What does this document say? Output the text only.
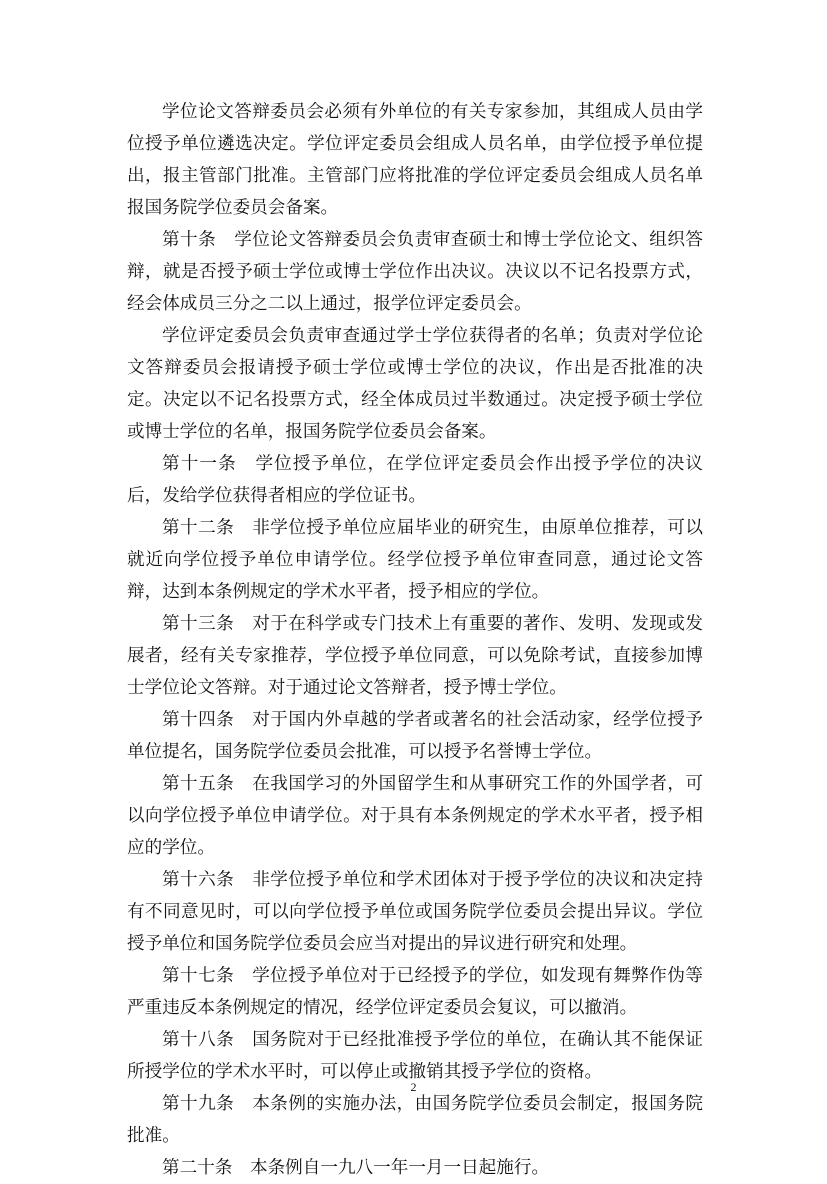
学位论文答辩委员会必须有外单位的有关专家参加，其组成人员由学位授予单位遴选决定。学位评定委员会组成人员名单，由学位授予单位提出，报主管部门批准。主管部门应将批准的学位评定委员会组成人员名单报国务院学位委员会备案。

第十条　学位论文答辩委员会负责审查硕士和博士学位论文、组织答辩，就是否授予硕士学位或博士学位作出决议。决议以不记名投票方式，经会体成员三分之二以上通过，报学位评定委员会。

学位评定委员会负责审查通过学士学位获得者的名单；负责对学位论文答辩委员会报请授予硕士学位或博士学位的决议，作出是否批准的决定。决定以不记名投票方式，经全体成员过半数通过。决定授予硕士学位或博士学位的名单，报国务院学位委员会备案。

第十一条　学位授予单位，在学位评定委员会作出授予学位的决议后，发给学位获得者相应的学位证书。

第十二条　非学位授予单位应届毕业的研究生，由原单位推荐，可以就近向学位授予单位申请学位。经学位授予单位审查同意，通过论文答辩，达到本条例规定的学术水平者，授予相应的学位。

第十三条　对于在科学或专门技术上有重要的著作、发明、发现或发展者，经有关专家推荐，学位授予单位同意，可以免除考试，直接参加博士学位论文答辩。对于通过论文答辩者，授予博士学位。

第十四条　对于国内外卓越的学者或著名的社会活动家，经学位授予单位提名，国务院学位委员会批准，可以授予名誉博士学位。

第十五条　在我国学习的外国留学生和从事研究工作的外国学者，可以向学位授予单位申请学位。对于具有本条例规定的学术水平者，授予相应的学位。

第十六条　非学位授予单位和学术团体对于授予学位的决议和决定持有不同意见时，可以向学位授予单位或国务院学位委员会提出异议。学位授予单位和国务院学位委员会应当对提出的异议进行研究和处理。

第十七条　学位授予单位对于已经授予的学位，如发现有舞弊作伪等严重违反本条例规定的情况，经学位评定委员会复议，可以撤消。

第十八条　国务院对于已经批准授予学位的单位，在确认其不能保证所授学位的学术水平时，可以停止或撤销其授予学位的资格。

第十九条　本条例的实施办法，由国务院学位委员会制定，报国务院批准。

第二十条　本条例自一九八一年一月一日起施行。

2
